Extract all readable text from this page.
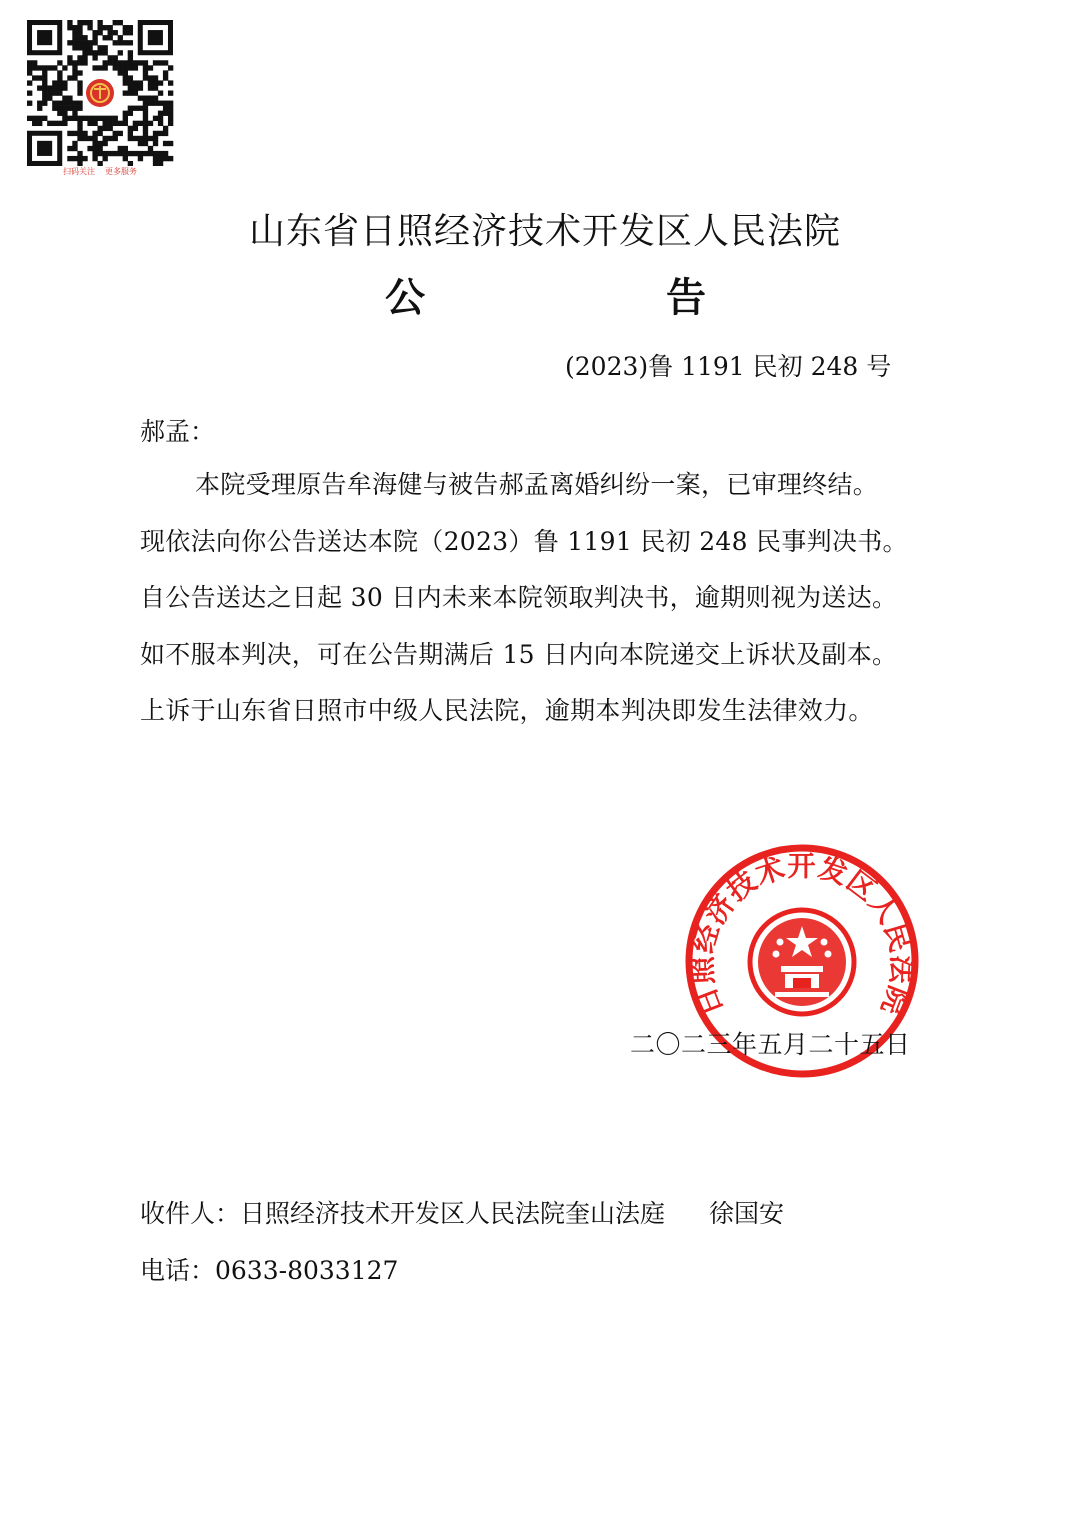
扫码关注 更多服务
山东省日照经济技术开发区人民法院
公	告
(2023)鲁 1191 民初 248 号
郝孟：
本院受理原告牟海健与被告郝孟离婚纠纷一案，已审理终结。
现依法向你公告送达本院（2023）鲁 1191 民初 248 民事判决书。
自公告送达之日起 30 日内未来本院领取判决书，逾期则视为送达。
如不服本判决，可在公告期满后 15 日内向本院递交上诉状及副本。
上诉于山东省日照市中级人民法院，逾期本判决即发生法律效力。
日照经济技术开发区人民法院
二〇二三年五月二十五日
收件人：日照经济技术开发区人民法院奎山法庭 徐国安
电话：0633-8033127
